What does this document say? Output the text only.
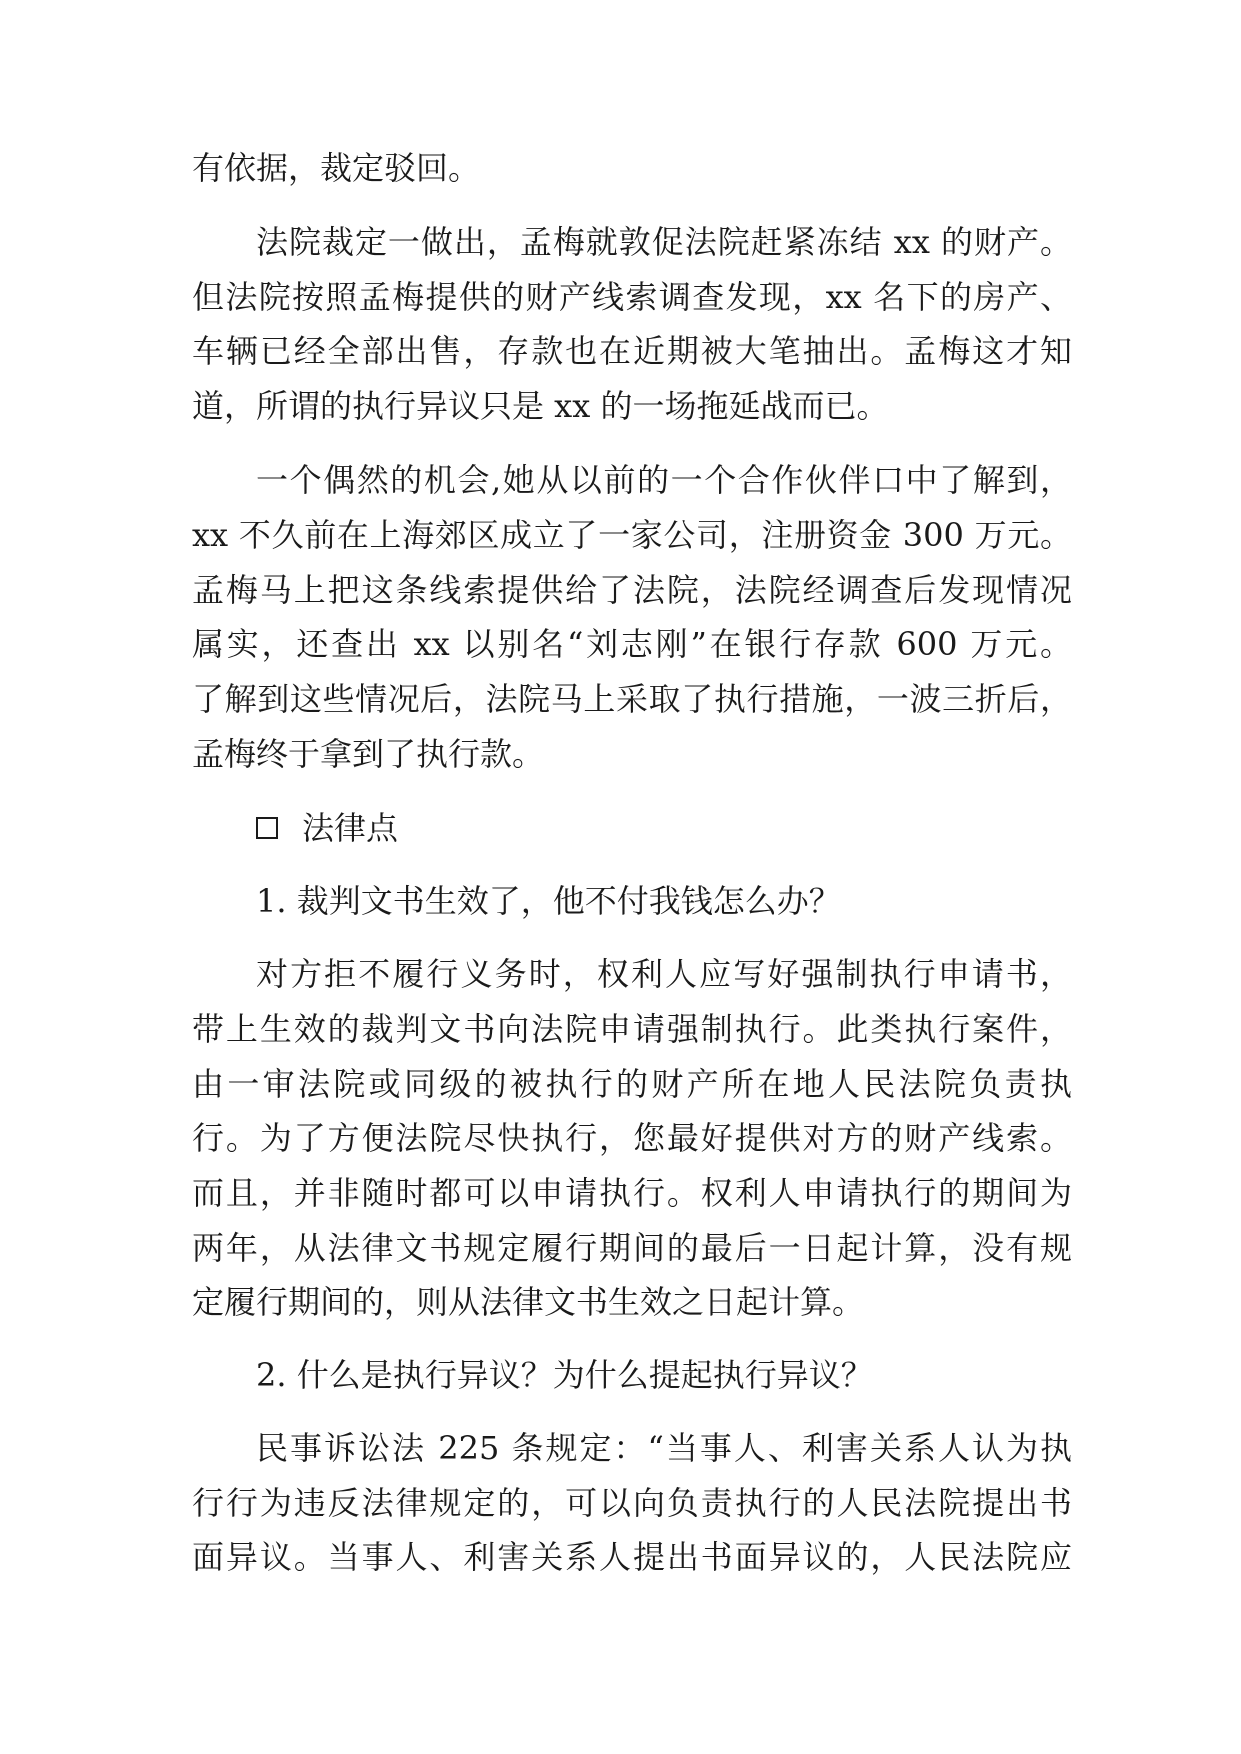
有依据，裁定驳回。
法院裁定一做出，孟梅就敦促法院赶紧冻结 xx 的财产。
但法院按照孟梅提供的财产线索调查发现，xx 名下的房产、
车辆已经全部出售，存款也在近期被大笔抽出。孟梅这才知
道，所谓的执行异议只是 xx 的一场拖延战而已。
一个偶然的机会,她从以前的一个合作伙伴口中了解到，
xx 不久前在上海郊区成立了一家公司，注册资金 300 万元。
孟梅马上把这条线索提供给了法院，法院经调查后发现情况
属实，还查出 xx 以别名“刘志刚”在银行存款 600 万元。
了解到这些情况后，法院马上采取了执行措施，一波三折后，
孟梅终于拿到了执行款。
法律点
1. 裁判文书生效了，他不付我钱怎么办？
对方拒不履行义务时，权利人应写好强制执行申请书，
带上生效的裁判文书向法院申请强制执行。此类执行案件，
由一审法院或同级的被执行的财产所在地人民法院负责执
行。为了方便法院尽快执行，您最好提供对方的财产线索。
而且，并非随时都可以申请执行。权利人申请执行的期间为
两年，从法律文书规定履行期间的最后一日起计算，没有规
定履行期间的，则从法律文书生效之日起计算。
2. 什么是执行异议？为什么提起执行异议？
民事诉讼法 225 条规定：“当事人、利害关系人认为执
行行为违反法律规定的，可以向负责执行的人民法院提出书
面异议。当事人、利害关系人提出书面异议的，人民法院应
